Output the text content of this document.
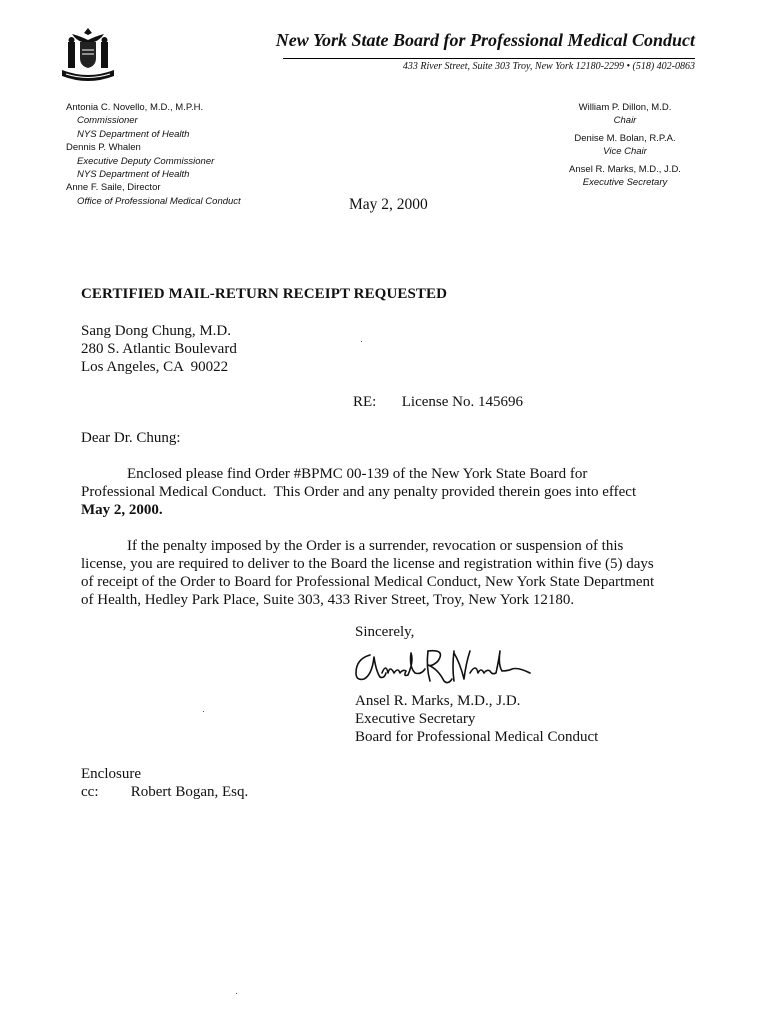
New York State Board for Professional Medical Conduct
433 River Street, Suite 303 Troy, New York 12180-2299 • (518) 402-0863
Antonia C. Novello, M.D., M.P.H.
Commissioner
NYS Department of Health
Dennis P. Whalen
Executive Deputy Commissioner
NYS Department of Health
Anne F. Saile, Director
Office of Professional Medical Conduct
William P. Dillon, M.D.
Chair
Denise M. Bolan, R.P.A.
Vice Chair
Ansel R. Marks, M.D., J.D.
Executive Secretary
May 2, 2000
CERTIFIED MAIL-RETURN RECEIPT REQUESTED
Sang Dong Chung, M.D.
280 S. Atlantic Boulevard
Los Angeles, CA  90022
RE: License No. 145696
Dear Dr. Chung:
Enclosed please find Order #BPMC 00-139 of the New York State Board for
Professional Medical Conduct.  This Order and any penalty provided therein goes into effect
May 2, 2000.
If the penalty imposed by the Order is a surrender, revocation or suspension of this
license, you are required to deliver to the Board the license and registration within five (5) days
of receipt of the Order to Board for Professional Medical Conduct, New York State Department
of Health, Hedley Park Place, Suite 303, 433 River Street, Troy, New York 12180.
Sincerely,
Ansel R. Marks, M.D., J.D.
Executive Secretary
Board for Professional Medical Conduct
Enclosure
cc: Robert Bogan, Esq.
